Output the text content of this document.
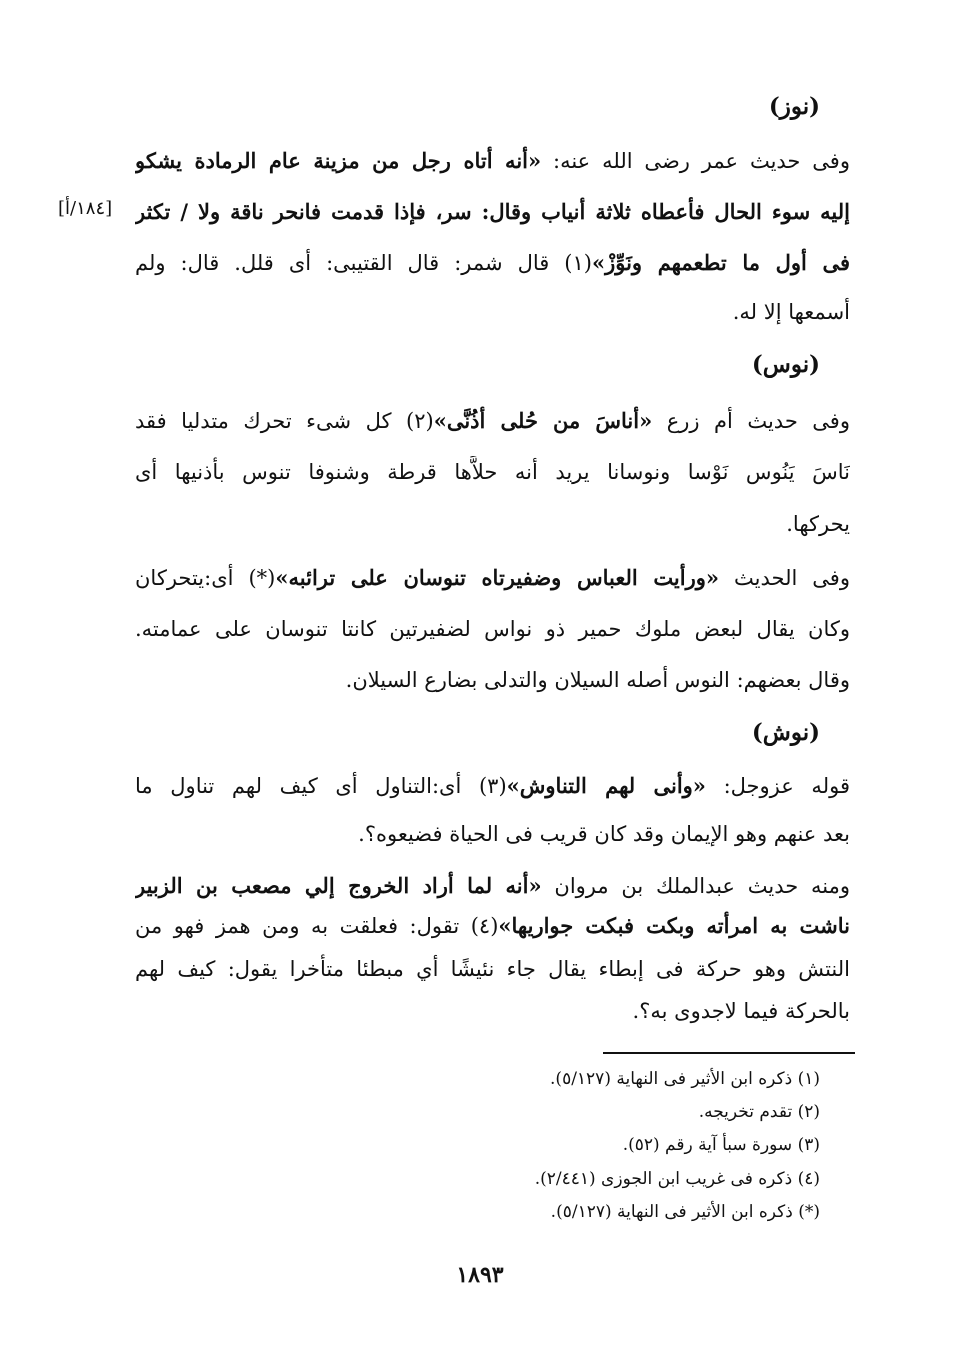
(نوز)
وفى حديث عمر رضى الله عنه: «أنه أتاه رجل من مزينة عام الرمادة يشكو
إليه سوء الحال فأعطاه ثلاثة أنياب وقال: سر، فإذا قدمت فانحر ناقة ولا / تكثر
فى أول ما تطعمهم ونَوِّزْ»(١) قال شمر: قال القتيبى: أى قلل. قال: ولم
أسمعها إلا له.
[١٨٤/أ]
(نوس)
وفى حديث أم زرع «أناسَ من حُلى أذُنَّى»(٢) كل شىء تحرك متدليا فقد
نَاسَ يَنُوس نَوْسا ونوسانا يريد أنه حلاَّها قرطة وشنوفا تنوس بأذنيها أى
يحركها.
وفى الحديث «ورأيت العباس وضفيرتاه تنوسان على ترائبه»(*) أى:يتحركان
وكان يقال لبعض ملوك حمير ذو نواس لضفيرتين كانتا تنوسان على عمامته.
وقال بعضهم: النوس أصله السيلان والتدلى بضارع السيلان.
(نوش)
قوله عزوجل: «وأنى لهم التناوش»(٣) أى:التناول أى كيف لهم تناول ما
بعد عنهم وهو الإيمان وقد كان قريب فى الحياة فضيعوه؟.
ومنه حديث عبدالملك بن مروان «أنه لما أراد الخروج إلي مصعب بن الزبير
ناشت به امرأته وبكت فبكت جواريها»(٤) تقول: فعلقت به ومن همز فهو من
النتش وهو حركة فى إبطاء يقال جاء نئيشًا أي مبطئا متأخرا يقول: كيف لهم
بالحركة فيما لاجدوى به؟.
(١) ذكره ابن الأثير فى النهاية (٥/١٢٧).
(٢) تقدم تخريجه.
(٣) سورة سبأ آية رقم (٥٢).
(٤) ذكره فى غريب ابن الجوزى (٢/٤٤١).
(*) ذكره ابن الأثير فى النهاية (٥/١٢٧).
١٨٩٣
